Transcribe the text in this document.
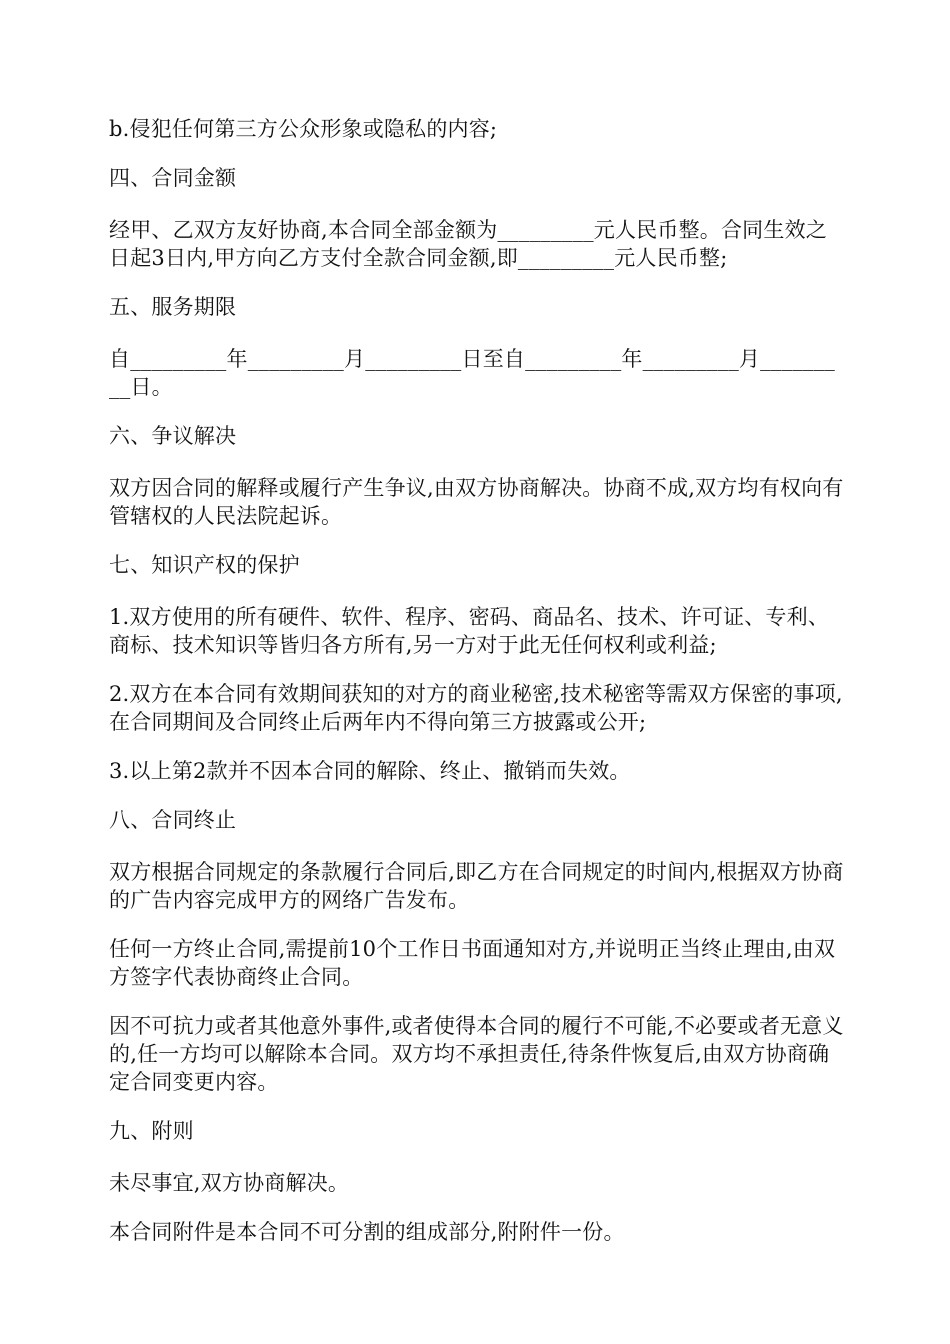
b.侵犯任何第三方公众形象或隐私的内容;

四、合同金额

经甲、乙双方友好协商,本合同全部金额为_________元人民币整。合同生效之日起3日内,甲方向乙方支付全款合同金额,即_________元人民币整;

五、服务期限

自_________年_________月_________日至自_________年_________月_________日。

六、争议解决

双方因合同的解释或履行产生争议,由双方协商解决。协商不成,双方均有权向有管辖权的人民法院起诉。

七、知识产权的保护

1.双方使用的所有硬件、软件、程序、密码、商品名、技术、许可证、专利、商标、技术知识等皆归各方所有,另一方对于此无任何权利或利益;

2.双方在本合同有效期间获知的对方的商业秘密,技术秘密等需双方保密的事项,在合同期间及合同终止后两年内不得向第三方披露或公开;

3.以上第2款并不因本合同的解除、终止、撤销而失效。

八、合同终止

双方根据合同规定的条款履行合同后,即乙方在合同规定的时间内,根据双方协商的广告内容完成甲方的网络广告发布。

任何一方终止合同,需提前10个工作日书面通知对方,并说明正当终止理由,由双方签字代表协商终止合同。

因不可抗力或者其他意外事件,或者使得本合同的履行不可能,不必要或者无意义的,任一方均可以解除本合同。双方均不承担责任,待条件恢复后,由双方协商确定合同变更内容。

九、附则

未尽事宜,双方协商解决。

本合同附件是本合同不可分割的组成部分,附附件一份。
